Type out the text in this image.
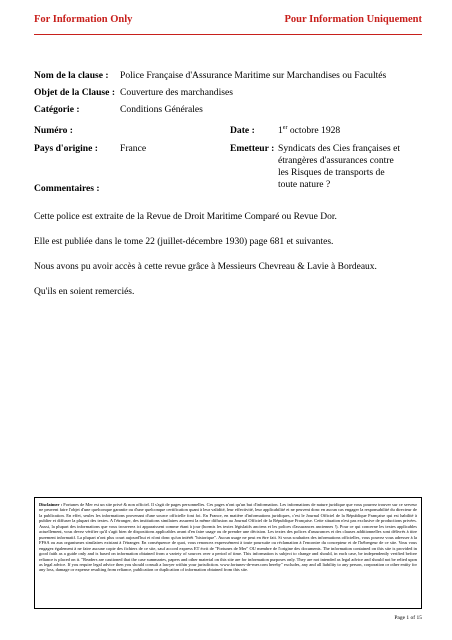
For Information Only	Pour Information Uniquement
Nom de la clause : Police Française d'Assurance Maritime sur Marchandises ou Facultés
Objet de la Clause : Couverture des marchandises
Catégorie :	Conditions Générales
Numéro :	Date : 1er octobre 1928
Pays d'origine : France	Emetteur : Syndicats des Cies françaises et
étrangères d'assurances contre
les Risques de transports de
toute nature ?
Commentaires :
Cette police est extraite de la Revue de Droit Maritime Comparé ou Revue Dor.
Elle est publiée dans le tome 22 (juillet-décembre 1930) page 681 et suivantes.
Nous avons pu avoir accès à cette revue grâce à Messieurs Chevreau & Lavie à Bordeaux.
Qu'ils en soient remerciés.
Disclaimer : Fortunes de Mer est un site privé & non officiel. Il s'agit de pages personnelles. Ces pages n'ont qu'un but d'information. Les informations de nature juridique que vous pourrez trouver sur ce serveur ne peuvent faire l'objet d'une quelconque garantie ou d'une quelconque certification quant à leur validité, leur effectivité, leur applicabilité et ne peuvent donc en aucun cas engager la responsabilité du directeur de la publication. En effet, seules les informations provenant d'une source officielle font foi. En France, en matière d'informations juridiques, c'est le Journal Officiel de la République Française qui est habilité à publier et diffuser la plupart des textes. A l'étranger, des institutions similaires assurent la même diffusion au Journal Officiel de la République Française. Cette situation n'est pas exclusive de productions privées. Aussi, la plupart des informations que vous trouverez ici apparaissent comme étant à jour (hormis les textes législatifs anciens et les polices d'assurances anciennes !). Pour ce qui concerne les textes applicables actuellement, vous devez vérifier qu'il s'agit bien de dispositions applicables avant d'en faire usage ou de prendre une décision. Les textes des polices d'assurances et des clauses additionnelles sont délivrés à titre purement informatif. La plupart n'ont plus court aujourd'hui et n'ont donc qu'un intérêt "historique". Aucun usage ne peut en être fait. Si vous souhaitez des informations officielles, vous pouvez vous adresser à la FFSA ou aux organismes similaires existant à l'étranger. En conséquence de quoi, vous renoncez expressément à toute poursuite ou réclamation à l'encontre du concepteur et de l'hébergeur de ce site. Vous vous engagez également à ne faire aucune copie des fichiers de ce site, sauf accord express ET écrit de "Fortunes de Mer" OU membre de l'origine des documents. The information contained on this site is provided in good faith as a guide only and is based on information obtained from a variety of sources over a period of time. This information is subject to change and should, in each case, be independently verified before reliance is placed on it. "Readers are cautioned that the case summaries, papers and other material on this site are for information purposes only. They are not intended as legal advice and should not be relied upon as legal advice. If you require legal advice then you should consult a lawyer within your jurisdiction. www.fortunes-de-mer.com hereby" excludes, any and all liability to any person, corporation or other entity for any loss, damage or expense resulting from reliance, publication or duplication of information obtained from this site.
Page 1 of 15
